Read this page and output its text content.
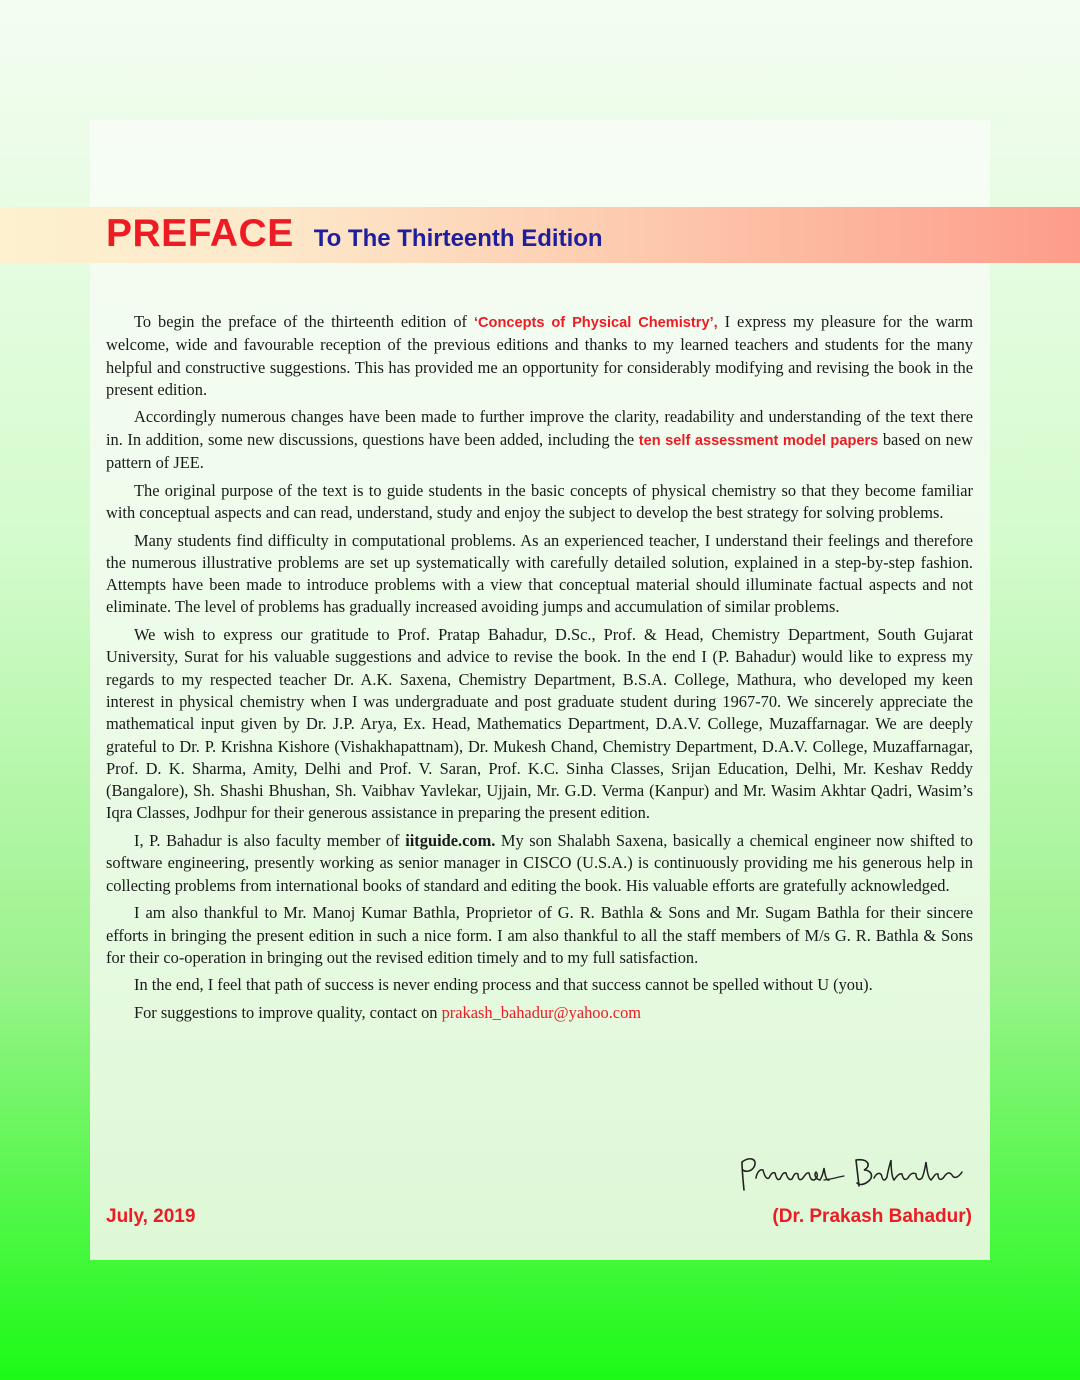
PREFACE To The Thirteenth Edition

To begin the preface of the thirteenth edition of ‘Concepts of Physical Chemistry’, I express my pleasure for the warm welcome, wide and favourable reception of the previous editions and thanks to my learned teachers and students for the many helpful and constructive suggestions. This has provided me an opportunity for considerably modifying and revising the book in the present edition.

Accordingly numerous changes have been made to further improve the clarity, readability and understanding of the text there in. In addition, some new discussions, questions have been added, including the ten self assessment model papers based on new pattern of JEE.

The original purpose of the text is to guide students in the basic concepts of physical chemistry so that they become familiar with conceptual aspects and can read, understand, study and enjoy the subject to develop the best strategy for solving problems.

Many students find difficulty in computational problems. As an experienced teacher, I understand their feelings and therefore the numerous illustrative problems are set up systematically with carefully detailed solution, explained in a step-by-step fashion. Attempts have been made to introduce problems with a view that conceptual material should illuminate factual aspects and not eliminate. The level of problems has gradually increased avoiding jumps and accumulation of similar problems.

We wish to express our gratitude to Prof. Pratap Bahadur, D.Sc., Prof. & Head, Chemistry Department, South Gujarat University, Surat for his valuable suggestions and advice to revise the book. In the end I (P. Bahadur) would like to express my regards to my respected teacher Dr. A.K. Saxena, Chemistry Department, B.S.A. College, Mathura, who developed my keen interest in physical chemistry when I was undergraduate and post graduate student during 1967-70. We sincerely appreciate the mathematical input given by Dr. J.P. Arya, Ex. Head, Mathematics Department, D.A.V. College, Muzaffarnagar. We are deeply grateful to Dr. P. Krishna Kishore (Vishakhapattnam), Dr. Mukesh Chand, Chemistry Department, D.A.V. College, Muzaffarnagar, Prof. D. K. Sharma, Amity, Delhi and Prof. V. Saran, Prof. K.C. Sinha Classes, Srijan Education, Delhi, Mr. Keshav Reddy (Bangalore), Sh. Shashi Bhushan, Sh. Vaibhav Yavlekar, Ujjain, Mr. G.D. Verma (Kanpur) and Mr. Wasim Akhtar Qadri, Wasim’s Iqra Classes, Jodhpur for their generous assistance in preparing the present edition.

I, P. Bahadur is also faculty member of iitguide.com. My son Shalabh Saxena, basically a chemical engineer now shifted to software engineering, presently working as senior manager in CISCO (U.S.A.) is continuously providing me his generous help in collecting problems from international books of standard and editing the book. His valuable efforts are gratefully acknowledged.

I am also thankful to Mr. Manoj Kumar Bathla, Proprietor of G. R. Bathla & Sons and Mr. Sugam Bathla for their sincere efforts in bringing the present edition in such a nice form. I am also thankful to all the staff members of M/s G. R. Bathla & Sons for their co-operation in bringing out the revised edition timely and to my full satisfaction.

In the end, I feel that path of success is never ending process and that success cannot be spelled without U (you).

For suggestions to improve quality, contact on prakash_bahadur@yahoo.com

July, 2019	(Dr. Prakash Bahadur)
